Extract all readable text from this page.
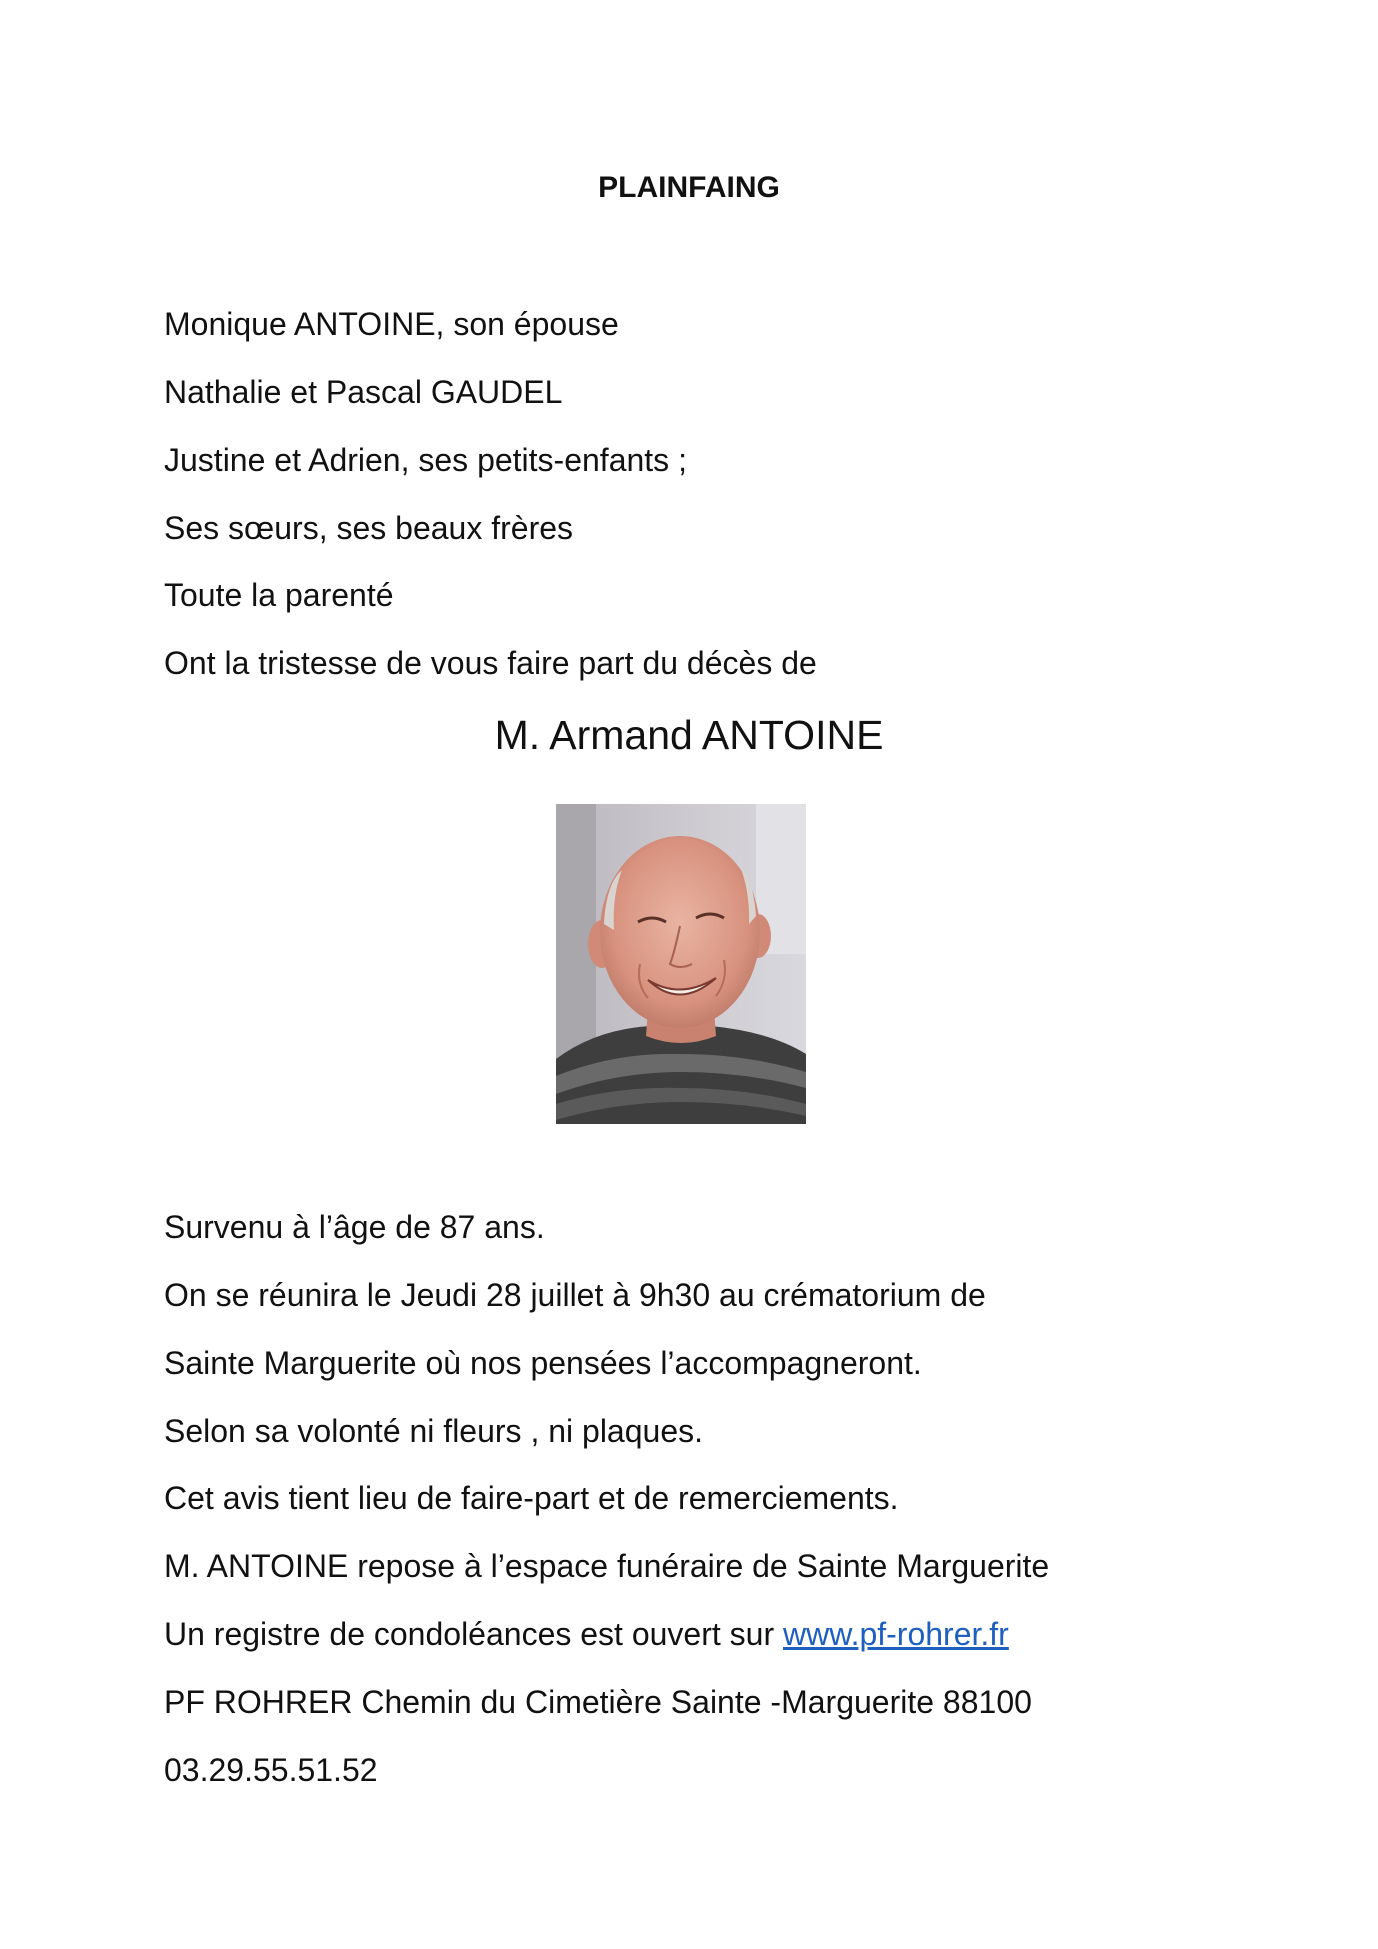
PLAINFAING
Monique ANTOINE, son épouse
Nathalie et Pascal GAUDEL
Justine et Adrien, ses petits-enfants ;
Ses sœurs, ses beaux frères
Toute la parenté
Ont la tristesse de vous faire part du décès de
M. Armand ANTOINE
Survenu à l’âge de 87 ans.
On se réunira le Jeudi 28 juillet à 9h30 au crématorium de
Sainte Marguerite où nos pensées l’accompagneront.
Selon sa volonté ni fleurs , ni plaques.
Cet avis tient lieu de faire-part et de remerciements.
M. ANTOINE repose à l’espace funéraire de Sainte Marguerite
Un registre de condoléances est ouvert sur www.pf-rohrer.fr
PF ROHRER Chemin du Cimetière Sainte -Marguerite 88100
03.29.55.51.52
